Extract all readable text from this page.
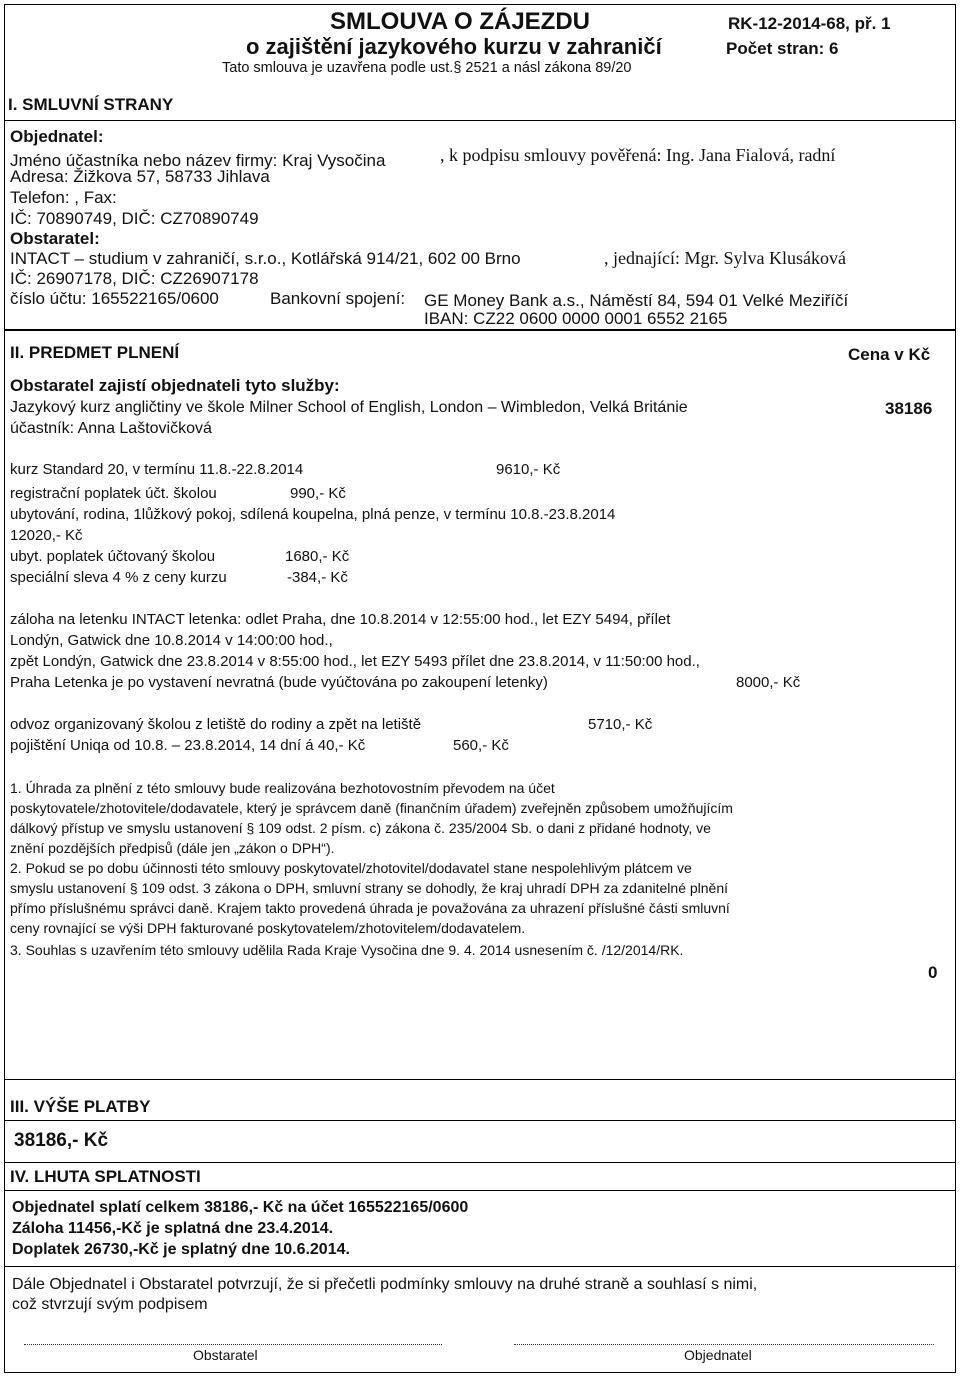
SMLOUVA O ZÁJEZDU
o zajištění jazykového kurzu v zahraničí
Tato smlouva je uzavřena podle ust.§ 2521 a násl zákona 89/20
RK-12-2014-68, př. 1
Počet stran: 6
I. SMLUVNÍ STRANY
Objednatel:
Jméno účastníka nebo název firmy: Kraj Vysočina	, k podpisu smlouvy pověřená: Ing. Jana Fialová, radní
Adresa: Žižkova 57, 58733 Jihlava
Telefon: , Fax:
IČ: 70890749, DIČ: CZ70890749
Obstaratel:
INTACT – studium v zahraničí, s.r.o., Kotlářská 914/21, 602 00 Brno	, jednající: Mgr. Sylva Klusáková
IČ: 26907178, DIČ: CZ26907178
číslo účtu: 165522165/0600	Bankovní spojení: GE Money Bank a.s., Náměstí 84, 594 01 Velké Meziříčí
IBAN: CZ22 0600 0000 0001 6552 2165
II. PREDMET PLNENÍ	Cena v Kč
Obstaratel zajistí objednateli tyto služby:
Jazykový kurz angličtiny ve škole Milner School of English, London – Wimbledon, Velká Británie	38186
účastník: Anna Laštovičková
kurz Standard 20, v termínu 11.8.-22.8.2014	9610,- Kč
registrační poplatek účt. školou	990,- Kč
ubytování, rodina, 1lůžkový pokoj, sdílená koupelna, plná penze, v termínu 10.8.-23.8.2014
12020,- Kč
ubyt. poplatek účtovaný školou	1680,- Kč
speciální sleva 4 % z ceny kurzu	-384,- Kč
záloha na letenku INTACT letenka: odlet Praha, dne 10.8.2014 v 12:55:00 hod., let EZY 5494, přílet
Londýn, Gatwick dne 10.8.2014 v 14:00:00 hod.,
zpět Londýn, Gatwick dne 23.8.2014 v 8:55:00 hod., let EZY 5493 přílet dne 23.8.2014, v 11:50:00 hod.,
Praha Letenka je po vystavení nevratná (bude vyúčtována po zakoupení letenky)	8000,- Kč
odvoz organizovaný školou z letiště do rodiny a zpět na letiště	5710,- Kč
pojištění Uniqa od 10.8. – 23.8.2014, 14 dní á 40,- Kč	560,- Kč
1. Úhrada za plnění z této smlouvy bude realizována bezhotovostním převodem na účet
poskytovatele/zhotovitele/dodavatele, který je správcem daně (finančním úřadem) zveřejněn způsobem umožňujícím
dálkový přístup ve smyslu ustanovení § 109 odst. 2 písm. c) zákona č. 235/2004 Sb. o dani z přidané hodnoty, ve
znění pozdějších předpisů (dále jen „zákon o DPH“).
2. Pokud se po dobu účinnosti této smlouvy poskytovatel/zhotovitel/dodavatel stane nespolehlivým plátcem ve
smyslu ustanovení § 109 odst. 3 zákona o DPH, smluvní strany se dohodly, že kraj uhradí DPH za zdanitelné plnění
přímo příslušnému správci daně. Krajem takto provedená úhrada je považována za uhrazení příslušné části smluvní
ceny rovnající se výši DPH fakturované poskytovatelem/zhotovitelem/dodavatelem.
3. Souhlas s uzavřením této smlouvy udělila Rada Kraje Vysočina dne 9. 4. 2014 usnesením č. /12/2014/RK.
0
III. VÝŠE PLATBY
38186,- Kč
IV. LHUTA SPLATNOSTI
Objednatel splatí celkem 38186,- Kč na účet 165522165/0600
Záloha 11456,-Kč je splatná dne 23.4.2014.
Doplatek 26730,-Kč je splatný dne 10.6.2014.
Dále Objednatel i Obstaratel potvrzují, že si přečetli podmínky smlouvy na druhé straně a souhlasí s nimi,
což stvrzují svým podpisem
Obstaratel	Objednatel
